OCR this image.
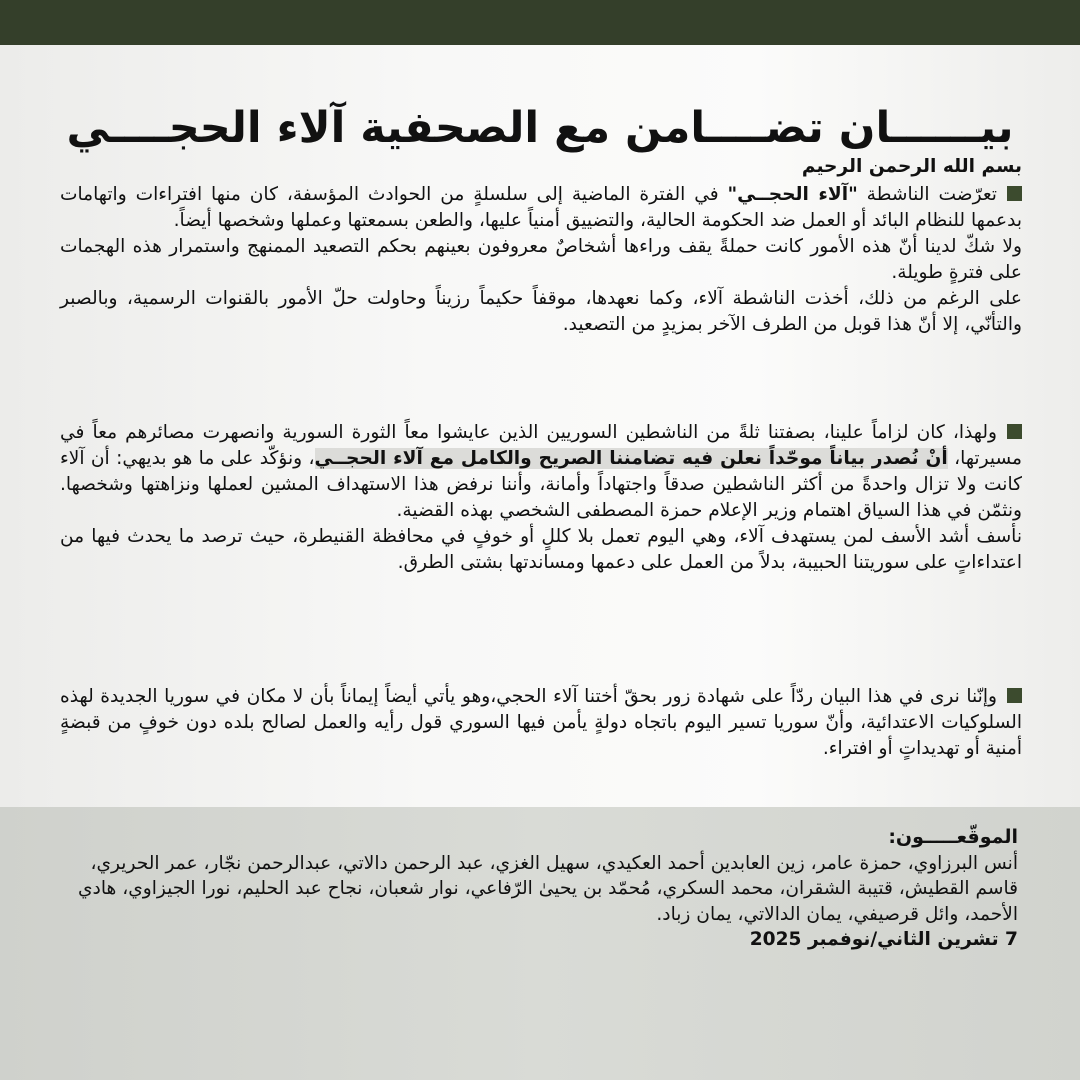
بيــــــان تضــــامن مع الصحفية آلاء الحجــــي
بسم الله الرحمن الرحيم

تعرّضت الناشطة "آلاء الحجــي" في الفترة الماضية إلى سلسلةٍ من الحوادث المؤسفة، كان منها افتراءات واتهامات بدعمها للنظام البائد أو العمل ضد الحكومة الحالية، والتضييق أمنياً عليها، والطعن بسمعتها وعملها وشخصها أيضاً.

ولا شكّ لدينا أنّ هذه الأمور كانت حملةً يقف وراءها أشخاصٌ معروفون بعينهم بحكم التصعيد الممنهج واستمرار هذه الهجمات على فترةٍ طويلة.

على الرغم من ذلك، أخذت الناشطة آلاء، وكما نعهدها، موقفاً حكيماً رزيناً وحاولت حلّ الأمور بالقنوات الرسمية، وبالصبر والتأنّي، إلا أنّ هذا قوبل من الطرف الآخر بمزيدٍ من التصعيد.

ولهذا، كان لزاماً علينا، بصفتنا ثلةً من الناشطين السوريين الذين عايشوا معاً الثورة السورية وانصهرت مصائرهم معاً في مسيرتها، أنْ نُصدر بياناً موحّداً نعلن فيه تضامننا الصريح والكامل مع آلاء الحجــي، ونؤكّد على ما هو بديهي: أن آلاء كانت ولا تزال واحدةً من أكثر الناشطين صدقاً واجتهاداً وأمانة، وأننا نرفض هذا الاستهداف المشين لعملها ونزاهتها وشخصها. ونثمّن في هذا السياق اهتمام وزير الإعلام حمزة المصطفى الشخصي بهذه القضية.

نأسف أشد الأسف لمن يستهدف آلاء، وهي اليوم تعمل بلا كللٍ أو خوفٍ في محافظة القنيطرة، حيث ترصد ما يحدث فيها من اعتداءاتٍ على سوريتنا الحبيبة، بدلاً من العمل على دعمها ومساندتها بشتى الطرق.

وإنّنا نرى في هذا البيان ردّاً على شهادة زور بحقّ أختنا آلاء الحجي،وهو يأتي أيضاً إيماناً بأن لا مكان في سوريا الجديدة لهذه السلوكيات الاعتدائية، وأنّ سوريا تسير اليوم باتجاه دولةٍ يأمن فيها السوري قول رأيه والعمل لصالح بلده دون خوفٍ من قبضةٍ أمنية أو تهديداتٍ أو افتراء.

الموقّعـــــون:

أنس البرزاوي، حمزة عامر، زين العابدين أحمد العكيدي، سهيل الغزي، عبد الرحمن دالاتي، عبدالرحمن نجّار، عمر الحريري، قاسم القطيش، قتيبة الشقران، محمد السكري، مُحمّد بن يحيىٰ الرّفاعي، نوار شعبان، نجاح عبد الحليم، نورا الجيزاوي، هادي الأحمد، وائل قرصيفي، يمان الدالاتي، يمان زباد.

7 تشرين الثاني/نوفمبر 2025
